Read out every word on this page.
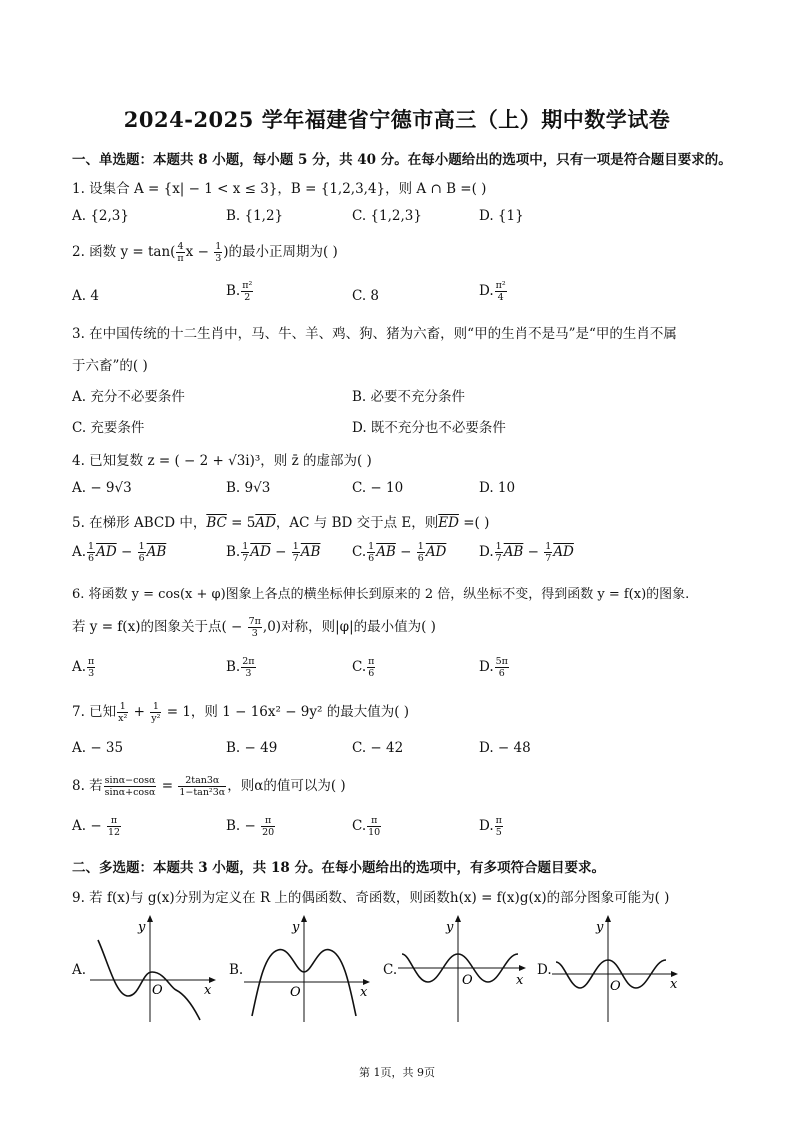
2024-2025 学年福建省宁德市高三（上）期中数学试卷
一、单选题：本题共 8 小题，每小题 5 分，共 40 分。在每小题给出的选项中，只有一项是符合题目要求的。
1. 设集合 A = {x| − 1 < x ≤ 3}，B = {1,2,3,4}，则 A ∩ B =( )
A. {2,3}	B. {1,2}	C. {1,2,3}	D. {1}
2. 函数 $y = \tan( \frac{4}{\pi}$ $x - \frac{1}{3}$ )的最小正周期为( )
A. 4	B. $\frac{\text{π²}}{2}$	C. 8	D. $\frac{\text{π²}}{4}$
3. 在中国传统的十二生肖中，马、牛、羊、鸡、狗、猪为六畜，则“甲的生肖不是马”是“甲的生肖不属
于六畜”的( )
A. 充分不必要条件	B. 必要不充分条件
C. 充要条件	D. 既不充分也不必要条件
4. 已知复数 z = ( − 2 + √3i)³，则 z̄ 的虚部为( )
A. − 9√3	B. 9√3	C. − 10	D. 10
5. 在梯形 ABCD 中，$\overline{BC} = 5\overline{AD}$，AC 与 BD 交于点 E，则$\overline{ED}$ =( )
A. $\frac{1}{6} \overline{AD} - \frac{1}{6} \overline{AB}$	B. $\frac{1}{7} \overline{AD} - \frac{1}{7} \overline{AB}$ C. $\frac{1}{6} \overline{AB} - \frac{1}{6} \overline{AD}$ D. $\frac{1}{7} \overline{AB} - \frac{1}{7} \overline{AD}$
6. 将函数 y = cos(x + φ)图象上各点的横坐标伸长到原来的 2 倍，纵坐标不变，得到函数 y = f(x)的图象.
若 y = f(x)的图象关于点( − $\frac{7\pi}{3} ,0$)对称，则|φ|的最小值为( )
A. $\frac{\pi}{3}$	B. $\frac{2\pi}{3}$	C. $\frac{\pi}{6}$	D. $\frac{5\pi}{6}$
7. 已知 $\frac{1}{\text{x²}} + \frac{1}{\text{y²}} = 1$，则 1 − 16x² − 9y² 的最大值为( )
A. − 35	B. − 49	C. − 42	D. − 48
8. 若 $\frac{\sin\alpha-\cos\alpha}{\sin\alpha+\cos\alpha} = \frac{2\tan 3\alpha}{\text{1−tan²3α}}$ ，则α的值可以为( )
A. − $\frac{\pi}{12}$	B. − $\frac{\pi}{20}$	C. $\frac{\pi}{10}$	D. $\frac{\pi}{5}$
二、多选题：本题共 3 小题，共 18 分。在每小题给出的选项中，有多项符合题目要求。
9. 若 f(x)与 g(x)分别为定义在 R 上的偶函数、奇函数，则函数h(x) = f(x)g(x)的部分图象可能为( )
A.
y
x
O
B.
y
x
O
C.
y
x
O
D.
y
x
O
第 1页，共 9页
